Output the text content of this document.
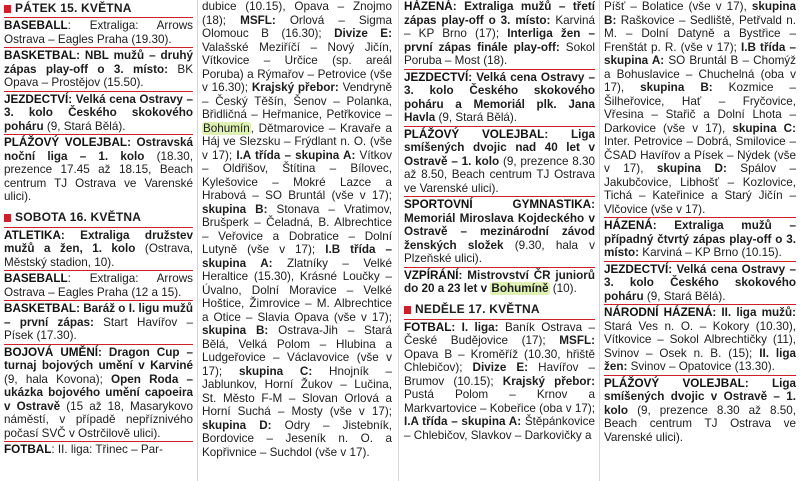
PÁTEK 15. KVĚTNA

BASEBALL: Extraliga: Arrows Ostrava – Eagles Praha (19.30).

BASKETBAL: NBL mužů – druhý zápas play-off o 3. místo: BK Opava – Prostějov (15.50).

JEZDECTVÍ: Velká cena Ostravy – 3. kolo Českého skokového poháru (9, Stará Bělá).

PLÁŽOVÝ VOLEJBAL: Ostravská noční liga – 1. kolo (18.30, prezence 17.45 až 18.15, Beach centrum TJ Ostrava ve Varenské ulici).

SOBOTA 16. KVĚTNA

ATLETIKA: Extraliga družstev mužů a žen, 1. kolo (Ostrava, Městský stadion, 10).

BASEBALL: Extraliga: Arrows Ostrava – Eagles Praha (12 a 15).

BASKETBAL: Baráž o I. ligu mužů – první zápas: Start Havířov – Písek (17.30).

BOJOVÁ UMĚNÍ: Dragon Cup – turnaj bojových umění v Karviné (9, hala Kovona); Open Roda – ukázka bojového umění capoeira v Ostravě (15 až 18, Masarykovo náměstí, v případě nepříznivého počasí SVČ v Ostrčilově ulici).

FOTBAL: II. liga: Třinec – Par-

dubice (10.15), Opava – Znojmo (18); MSFL: Orlová – Sigma Olomouc B (16.30); Divize E: Valašské Meziříčí – Nový Jičín, Vítkovice – Určice (sp. areál Poruba) a Rýmařov – Petrovice (vše v 16.30); Krajský přebor: Vendryně – Český Těšín, Šenov – Polanka, Břidličná – Heřmanice, Petřkovice – Bohumín, Dětmarovice – Kravaře a Háj ve Slezsku – Frýdlant n. O. (vše v 17); I.A třída – skupina A: Vítkov – Oldřišov, Štítina – Bílovec, Kylešovice – Mokré Lazce a Hrabová – SO Bruntál (vše v 17); skupina B: Stonava – Vratimov, Brušperk – Čeladná, B. Albrechtice – Veřovice a Dobratice – Dolní Lutyně (vše v 17); I.B třída – skupina A: Zlatníky – Velké Heraltice (15.30), Krásné Loučky – Úvalno, Dolní Moravice – Velké Hoštice, Žimrovice – M. Albrechtice a Otice – Slavia Opava (vše v 17); skupina B: Ostrava-Jih – Stará Bělá, Velká Polom – Hlubina a Ludgeřovice – Václavovice (vše v 17); skupina C: Hnojník – Jablunkov, Horní Žukov – Lučina, St. Město F-M – Slovan Orlová a Horní Suchá – Mosty (vše v 17); skupina D: Odry – Jistebník, Bordovice – Jeseník n. O. a Kopřivnice – Suchdol (vše v 17).

HÁZENÁ: Extraliga mužů – třetí zápas play-off o 3. místo: Karviná – KP Brno (17); Interliga žen – první zápas finále play-off: Sokol Poruba – Most (18).

JEZDECTVÍ: Velká cena Ostravy – 3. kolo Českého skokového poháru a Memoriál plk. Jana Havla (9, Stará Bělá).

PLÁŽOVÝ VOLEJBAL: Liga smíšených dvojic nad 40 let v Ostravě – 1. kolo (9, prezence 8.30 až 8.50, Beach centrum TJ Ostrava ve Varenské ulici).

SPORTOVNÍ GYMNASTIKA: Memoriál Miroslava Kojdeckého v Ostravě – mezinárodní závod ženských složek (9.30, hala v Plzeňské ulici).

VZPÍRÁNÍ: Mistrovství ČR juniorů do 20 a 23 let v Bohumíně (10).

NEDĚLE 17. KVĚTNA

FOTBAL: I. liga: Baník Ostrava – České Budějovice (17); MSFL: Opava B – Kroměříž (10.30, hřiště Chlebičov); Divize E: Havířov – Brumov (10.15); Krajský přebor: Pustá Polom – Krnov a Markvartovice – Kobeřice (oba v 17); I.A třída – skupina A: Štěpánkovice – Chlebičov, Slavkov – Darkovičky a

Píšť – Bolatice (vše v 17), skupina B: Raškovice – Sedliště, Petřvald n. M. – Dolní Datyně a Bystřice – Frenštát p. R. (vše v 17); I.B třída – skupina A: SO Bruntál B – Chomýž a Bohuslavice – Chuchelná (oba v 17), skupina B: Kozmice – Šilheřovice, Hať – Fryčovice, Vřesina – Stařič a Dolní Lhota – Darkovice (vše v 17), skupina C: Inter. Petrovice – Dobrá, Smilovice – ČSAD Havířov a Písek – Nýdek (vše v 17), skupina D: Spálov – Jakubčovice, Libhošť – Kozlovice, Tichá – Kateřinice a Starý Jičín – Vlčovice (vše v 17).

HÁZENÁ: Extraliga mužů – případný čtvrtý zápas play-off o 3. místo: Karviná – KP Brno (10.15).

JEZDECTVÍ: Velká cena Ostravy – 3. kolo Českého skokového poháru (9, Stará Bělá).

NÁRODNÍ HÁZENÁ: II. liga mužů: Stará Ves n. O. – Kokory (10.30), Vítkovice – Sokol Albrechtičky (11), Svinov – Osek n. B. (15); II. liga žen: Svinov – Opatovice (13.30).

PLÁŽOVÝ VOLEJBAL: Liga smíšených dvojic v Ostravě – 1. kolo (9, prezence 8.30 až 8.50, Beach centrum TJ Ostrava ve Varenské ulici).
